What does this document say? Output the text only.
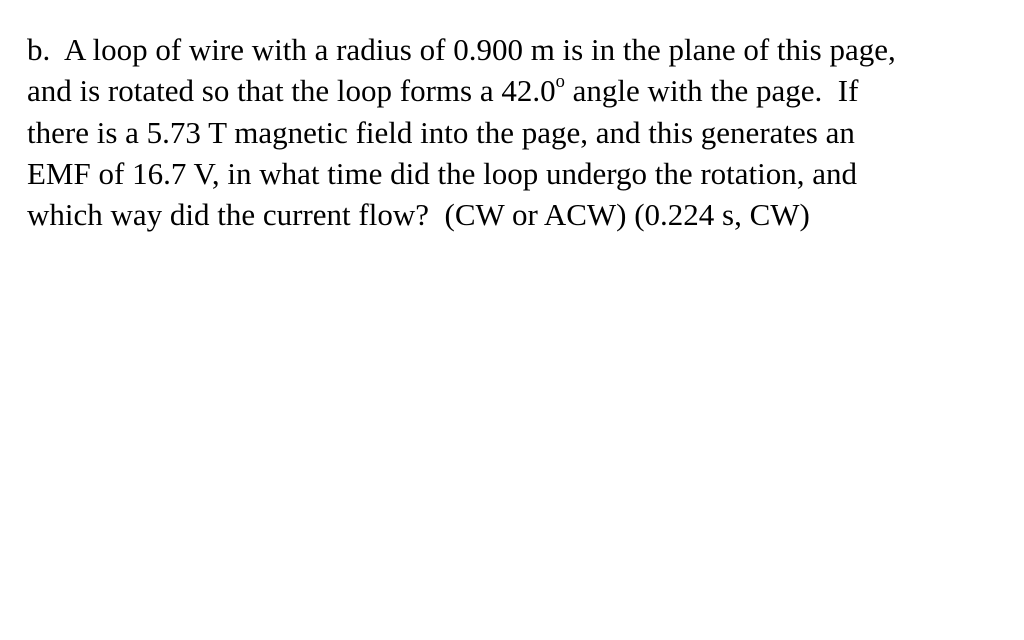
b.  A loop of wire with a radius of 0.900 m is in the plane of this page,
and is rotated so that the loop forms a 42.0$^o$ angle with the page.  If
there is a 5.73 T magnetic field into the page, and this generates an
EMF of 16.7 V, in what time did the loop undergo the rotation, and
which way did the current flow?  (CW or ACW) (0.224 s, CW)
